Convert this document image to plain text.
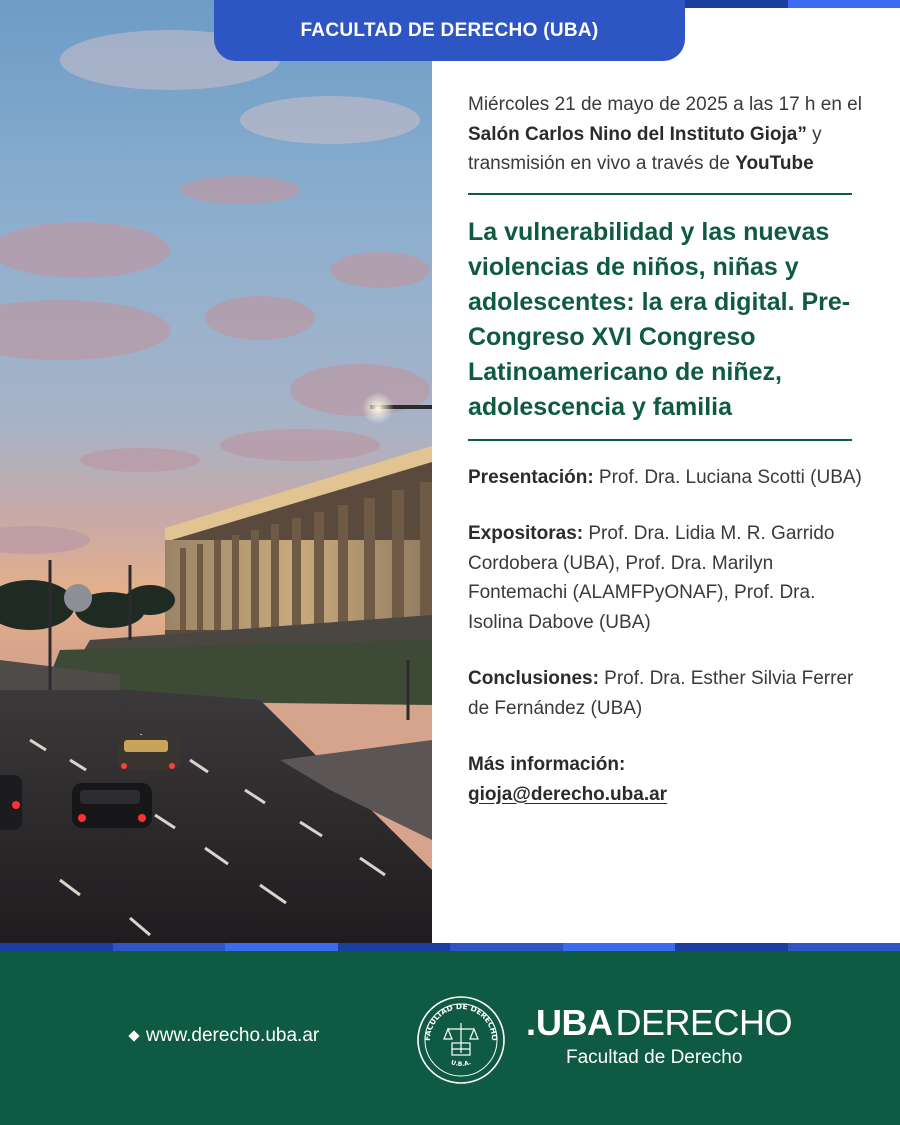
FACULTAD DE DERECHO (UBA)

Miércoles 21 de mayo de 2025 a las 17 h en el Salón Carlos Nino del Instituto Gioja” y transmisión en vivo a través de YouTube

La vulnerabilidad y las nuevas violencias de niños, niñas y adolescentes: la era digital. Pre-Congreso XVI Congreso Latinoamericano de niñez, adolescencia y familia

Presentación: Prof. Dra. Luciana Scotti (UBA)

Expositoras: Prof. Dra. Lidia M. R. Garrido Cordobera (UBA), Prof. Dra. Marilyn Fontemachi (ALAMFPyONAF), Prof. Dra. Isolina Dabove (UBA)

Conclusiones: Prof. Dra. Esther Silvia Ferrer de Fernández (UBA)

Más información:
gioja@derecho.uba.ar

www.derecho.uba.ar	FACULTAD DE DERECHO
U.B.A.
. UBA DERECHO
Facultad de Derecho
